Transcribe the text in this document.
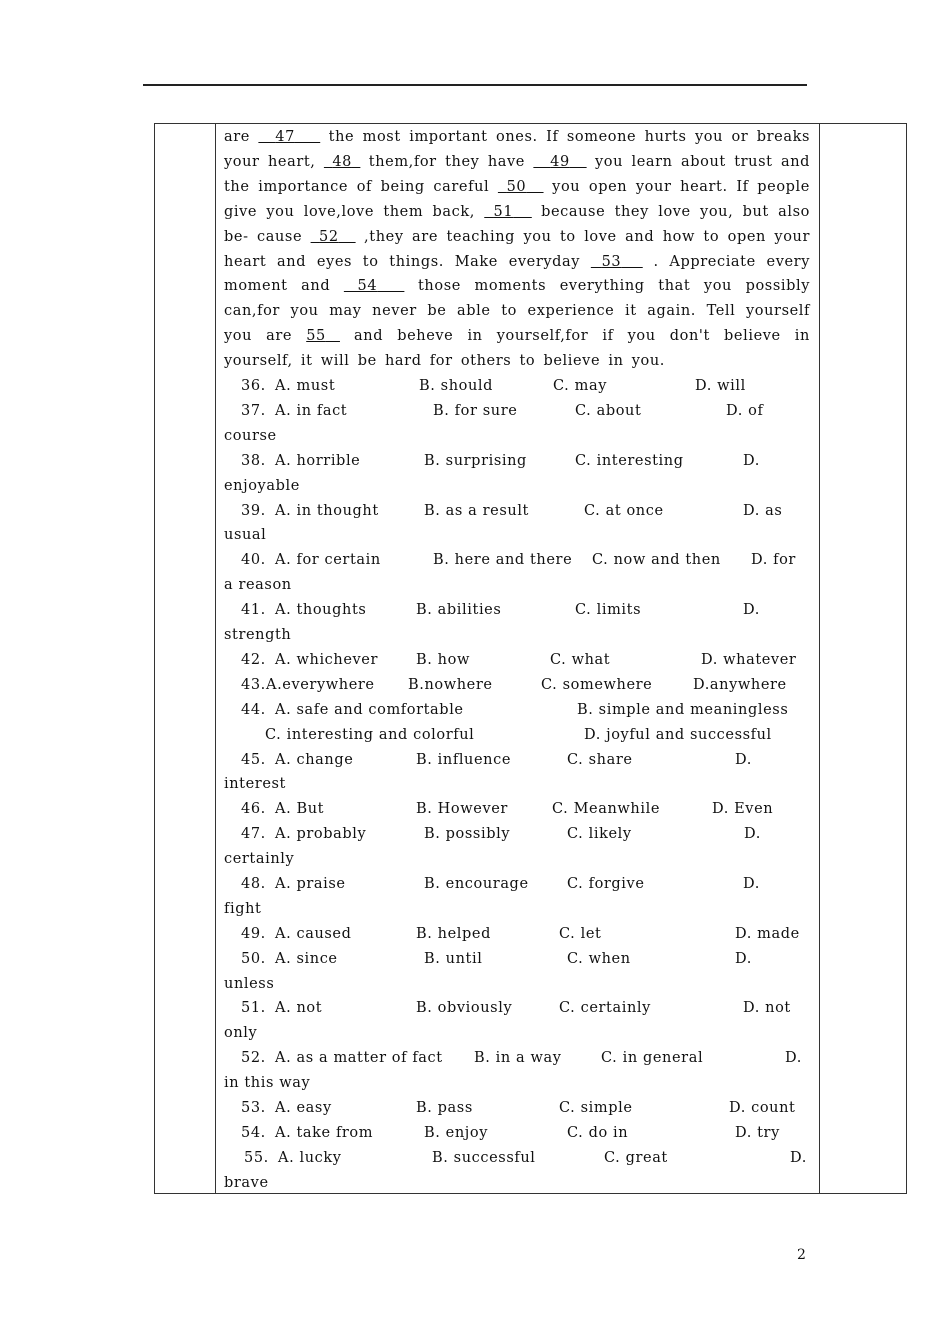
are   47    the most important ones. If someone hurts you or breaks your heart,  48  them,for they have   49   you learn about trust and the importance of being careful  50   you open your heart. If people give you love,love them back,  51   because they love you, but also be- cause  52   ,they are teaching you to love and how to open your heart and eyes to things. Make everyday  53   . Appreciate every moment and  54   those moments everything that you possibly can,for you may never be able to experience it again. Tell yourself you are 55  and beheve in yourself,for if you don't believe in yourself, it will be hard for others to believe in you.
36. A. must	B. should	C. may	D. will
37. A. in fact	B. for sure	C. about	D. of
course
38. A. horrible	B. surprising	C. interesting	D.
enjoyable
39. A. in thought	B. as a result	C. at once	D. as
usual
40. A. for certain	B. here and there C. now and then D. for
a reason
41. A. thoughts	B. abilities	C. limits	D.
strength
42. A. whichever	B. how	C. what	D. whatever
43. A.everywhere B.nowhere	C. somewhere	D.anywhere
44. A. safe and comfortable	B. simple and meaningless
C. interesting and colorful	D. joyful and successful
45. A. change	B. influence	C. share	D.
interest
46. A. But	B. However	C. Meanwhile	D. Even
47. A. probably	B. possibly	C. likely	D.
certainly
48. A. praise	B. encourage	C. forgive	D.
fight
49. A. caused	B. helped	C. let	D. made
50. A. since	B. until	C. when	D.
unless
51. A. not	B. obviously	C. certainly	D. not
only
52. A. as a matter of fact B. in a way	C. in general	D.
in this way
53. A. easy	B. pass	C. simple	D. count
54. A. take from	B. enjoy	C. do in	D. try
55. A. lucky	B. successful	C. great	D.
brave
2
